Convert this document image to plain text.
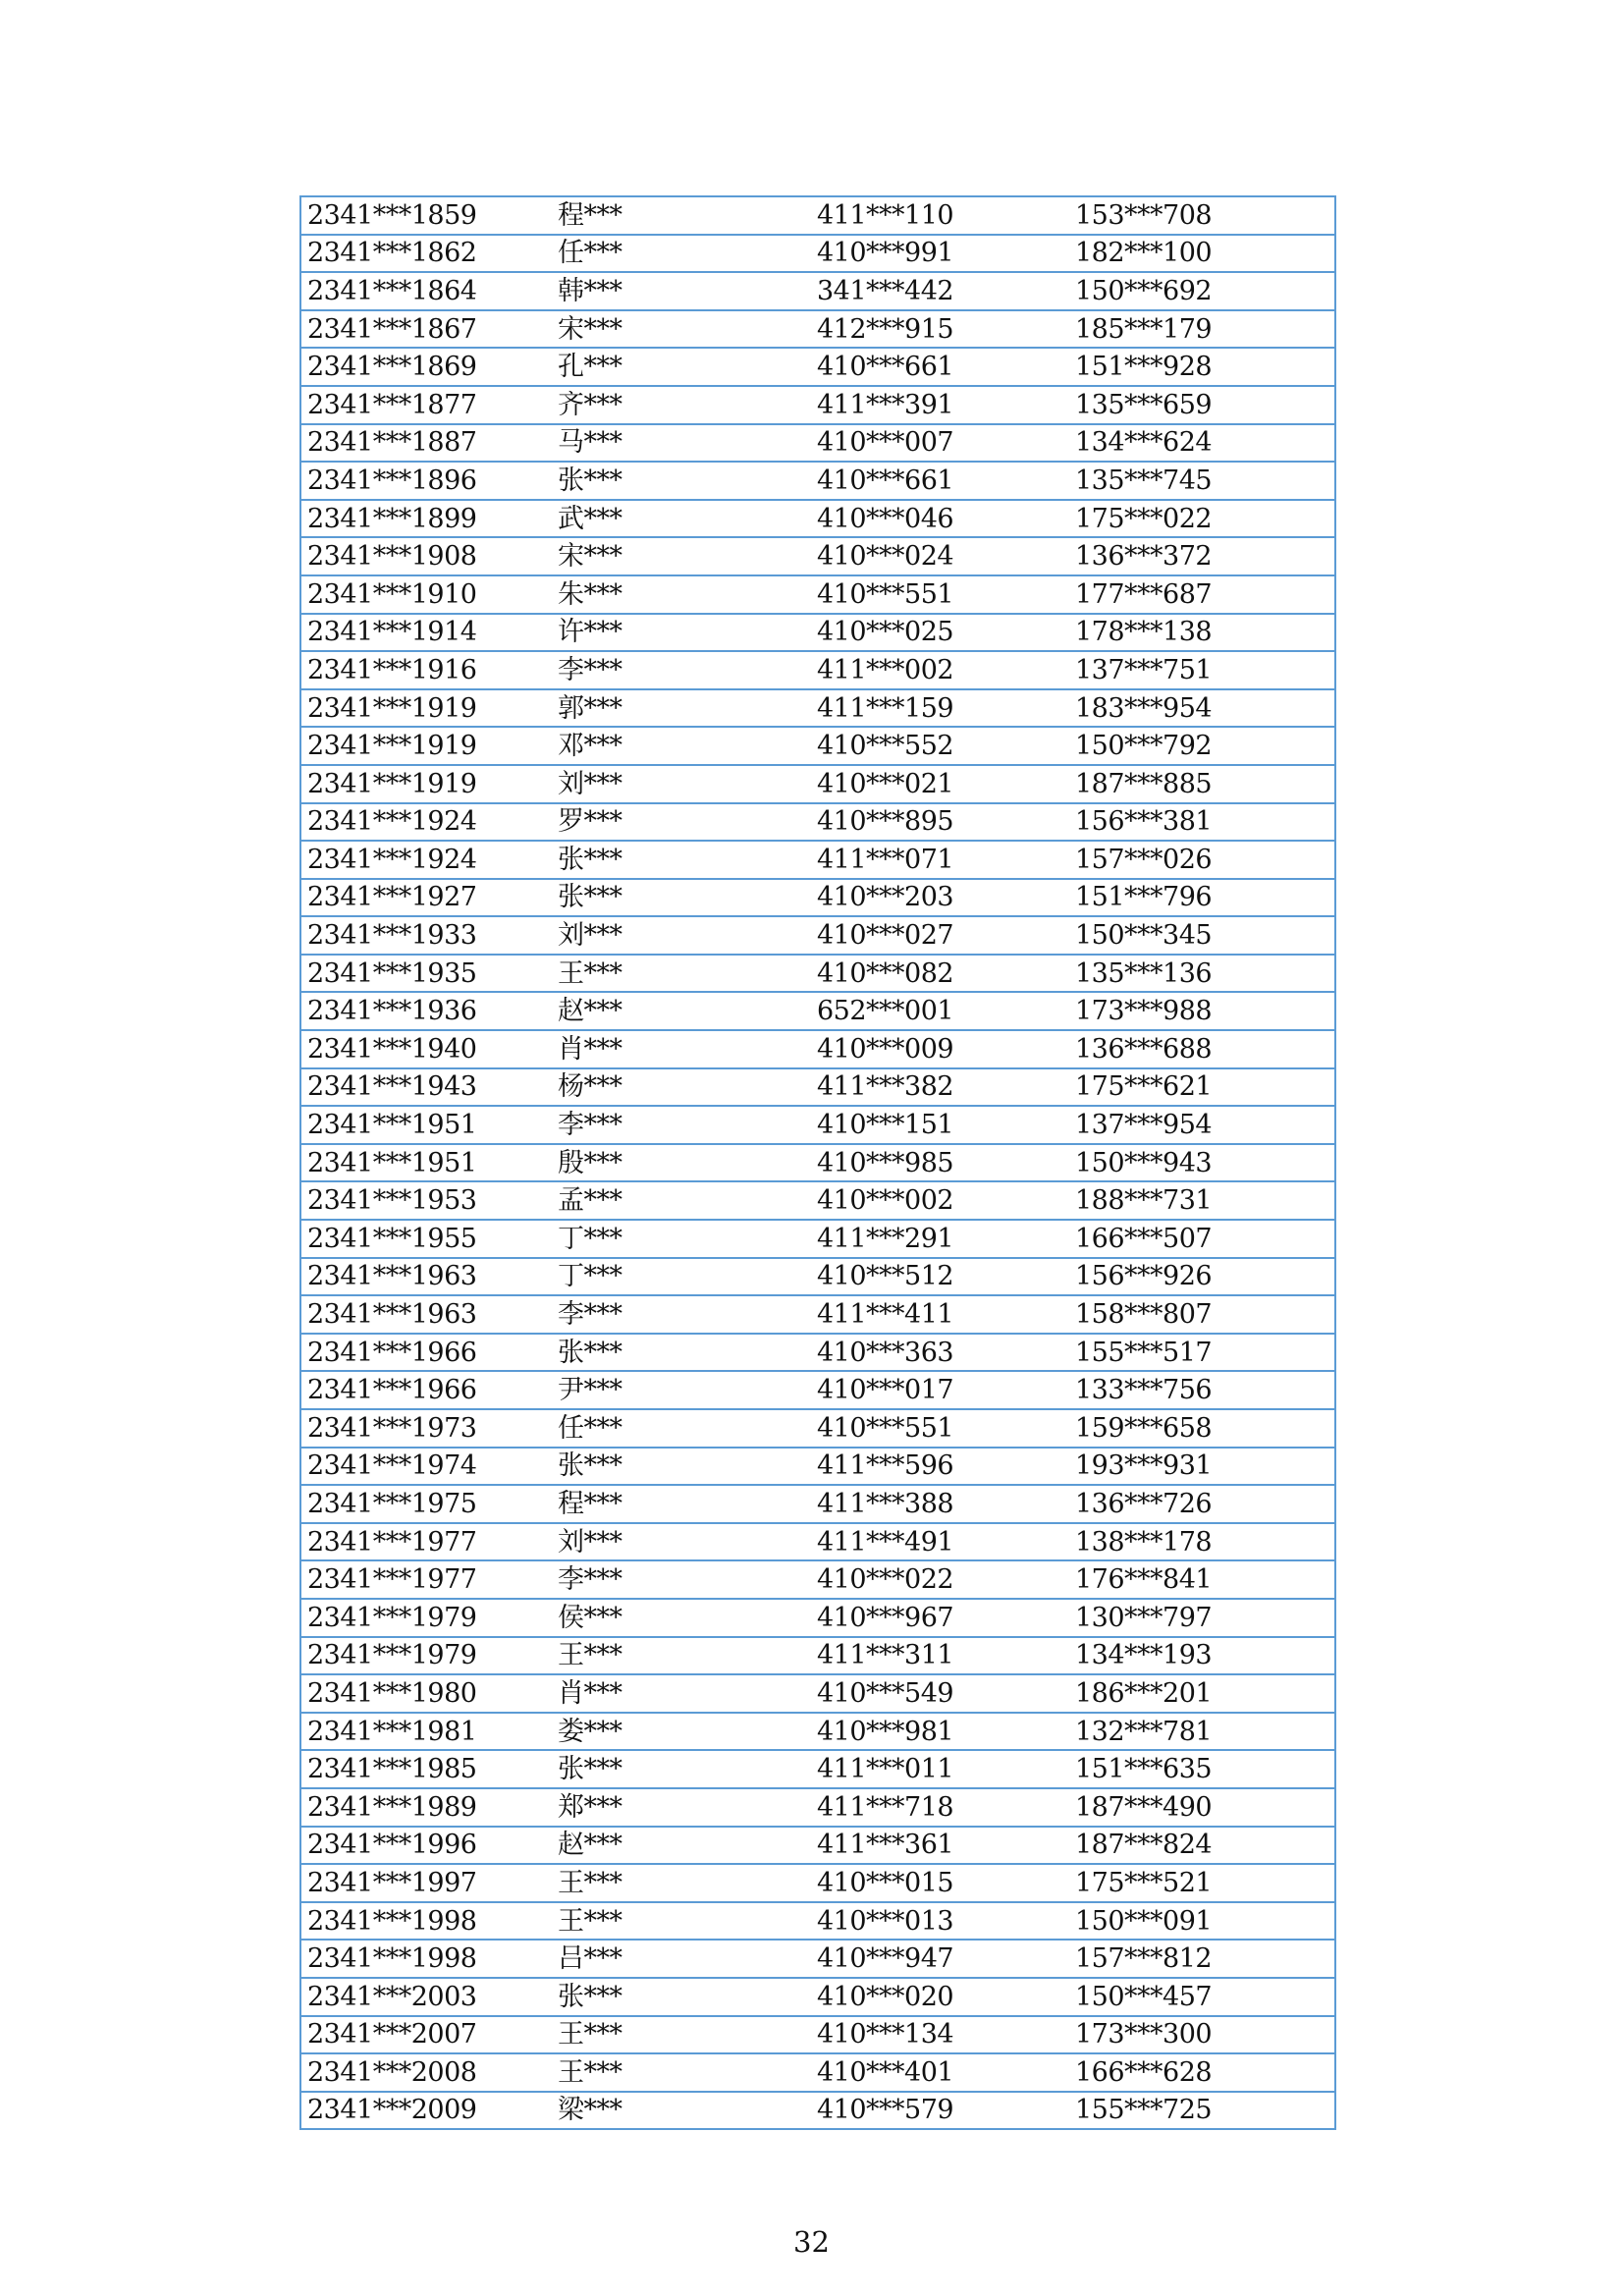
2341***1859	程***	411***110	153***708
2341***1862	任***	410***991	182***100
2341***1864	韩***	341***442	150***692
2341***1867	宋***	412***915	185***179
2341***1869	孔***	410***661	151***928
2341***1877	齐***	411***391	135***659
2341***1887	马***	410***007	134***624
2341***1896	张***	410***661	135***745
2341***1899	武***	410***046	175***022
2341***1908	宋***	410***024	136***372
2341***1910	朱***	410***551	177***687
2341***1914	许***	410***025	178***138
2341***1916	李***	411***002	137***751
2341***1919	郭***	411***159	183***954
2341***1919	邓***	410***552	150***792
2341***1919	刘***	410***021	187***885
2341***1924	罗***	410***895	156***381
2341***1924	张***	411***071	157***026
2341***1927	张***	410***203	151***796
2341***1933	刘***	410***027	150***345
2341***1935	王***	410***082	135***136
2341***1936	赵***	652***001	173***988
2341***1940	肖***	410***009	136***688
2341***1943	杨***	411***382	175***621
2341***1951	李***	410***151	137***954
2341***1951	殷***	410***985	150***943
2341***1953	孟***	410***002	188***731
2341***1955	丁***	411***291	166***507
2341***1963	丁***	410***512	156***926
2341***1963	李***	411***411	158***807
2341***1966	张***	410***363	155***517
2341***1966	尹***	410***017	133***756
2341***1973	任***	410***551	159***658
2341***1974	张***	411***596	193***931
2341***1975	程***	411***388	136***726
2341***1977	刘***	411***491	138***178
2341***1977	李***	410***022	176***841
2341***1979	侯***	410***967	130***797
2341***1979	王***	411***311	134***193
2341***1980	肖***	410***549	186***201
2341***1981	娄***	410***981	132***781
2341***1985	张***	411***011	151***635
2341***1989	郑***	411***718	187***490
2341***1996	赵***	411***361	187***824
2341***1997	王***	410***015	175***521
2341***1998	王***	410***013	150***091
2341***1998	吕***	410***947	157***812
2341***2003	张***	410***020	150***457
2341***2007	王***	410***134	173***300
2341***2008	王***	410***401	166***628
2341***2009	梁***	410***579	155***725
32
